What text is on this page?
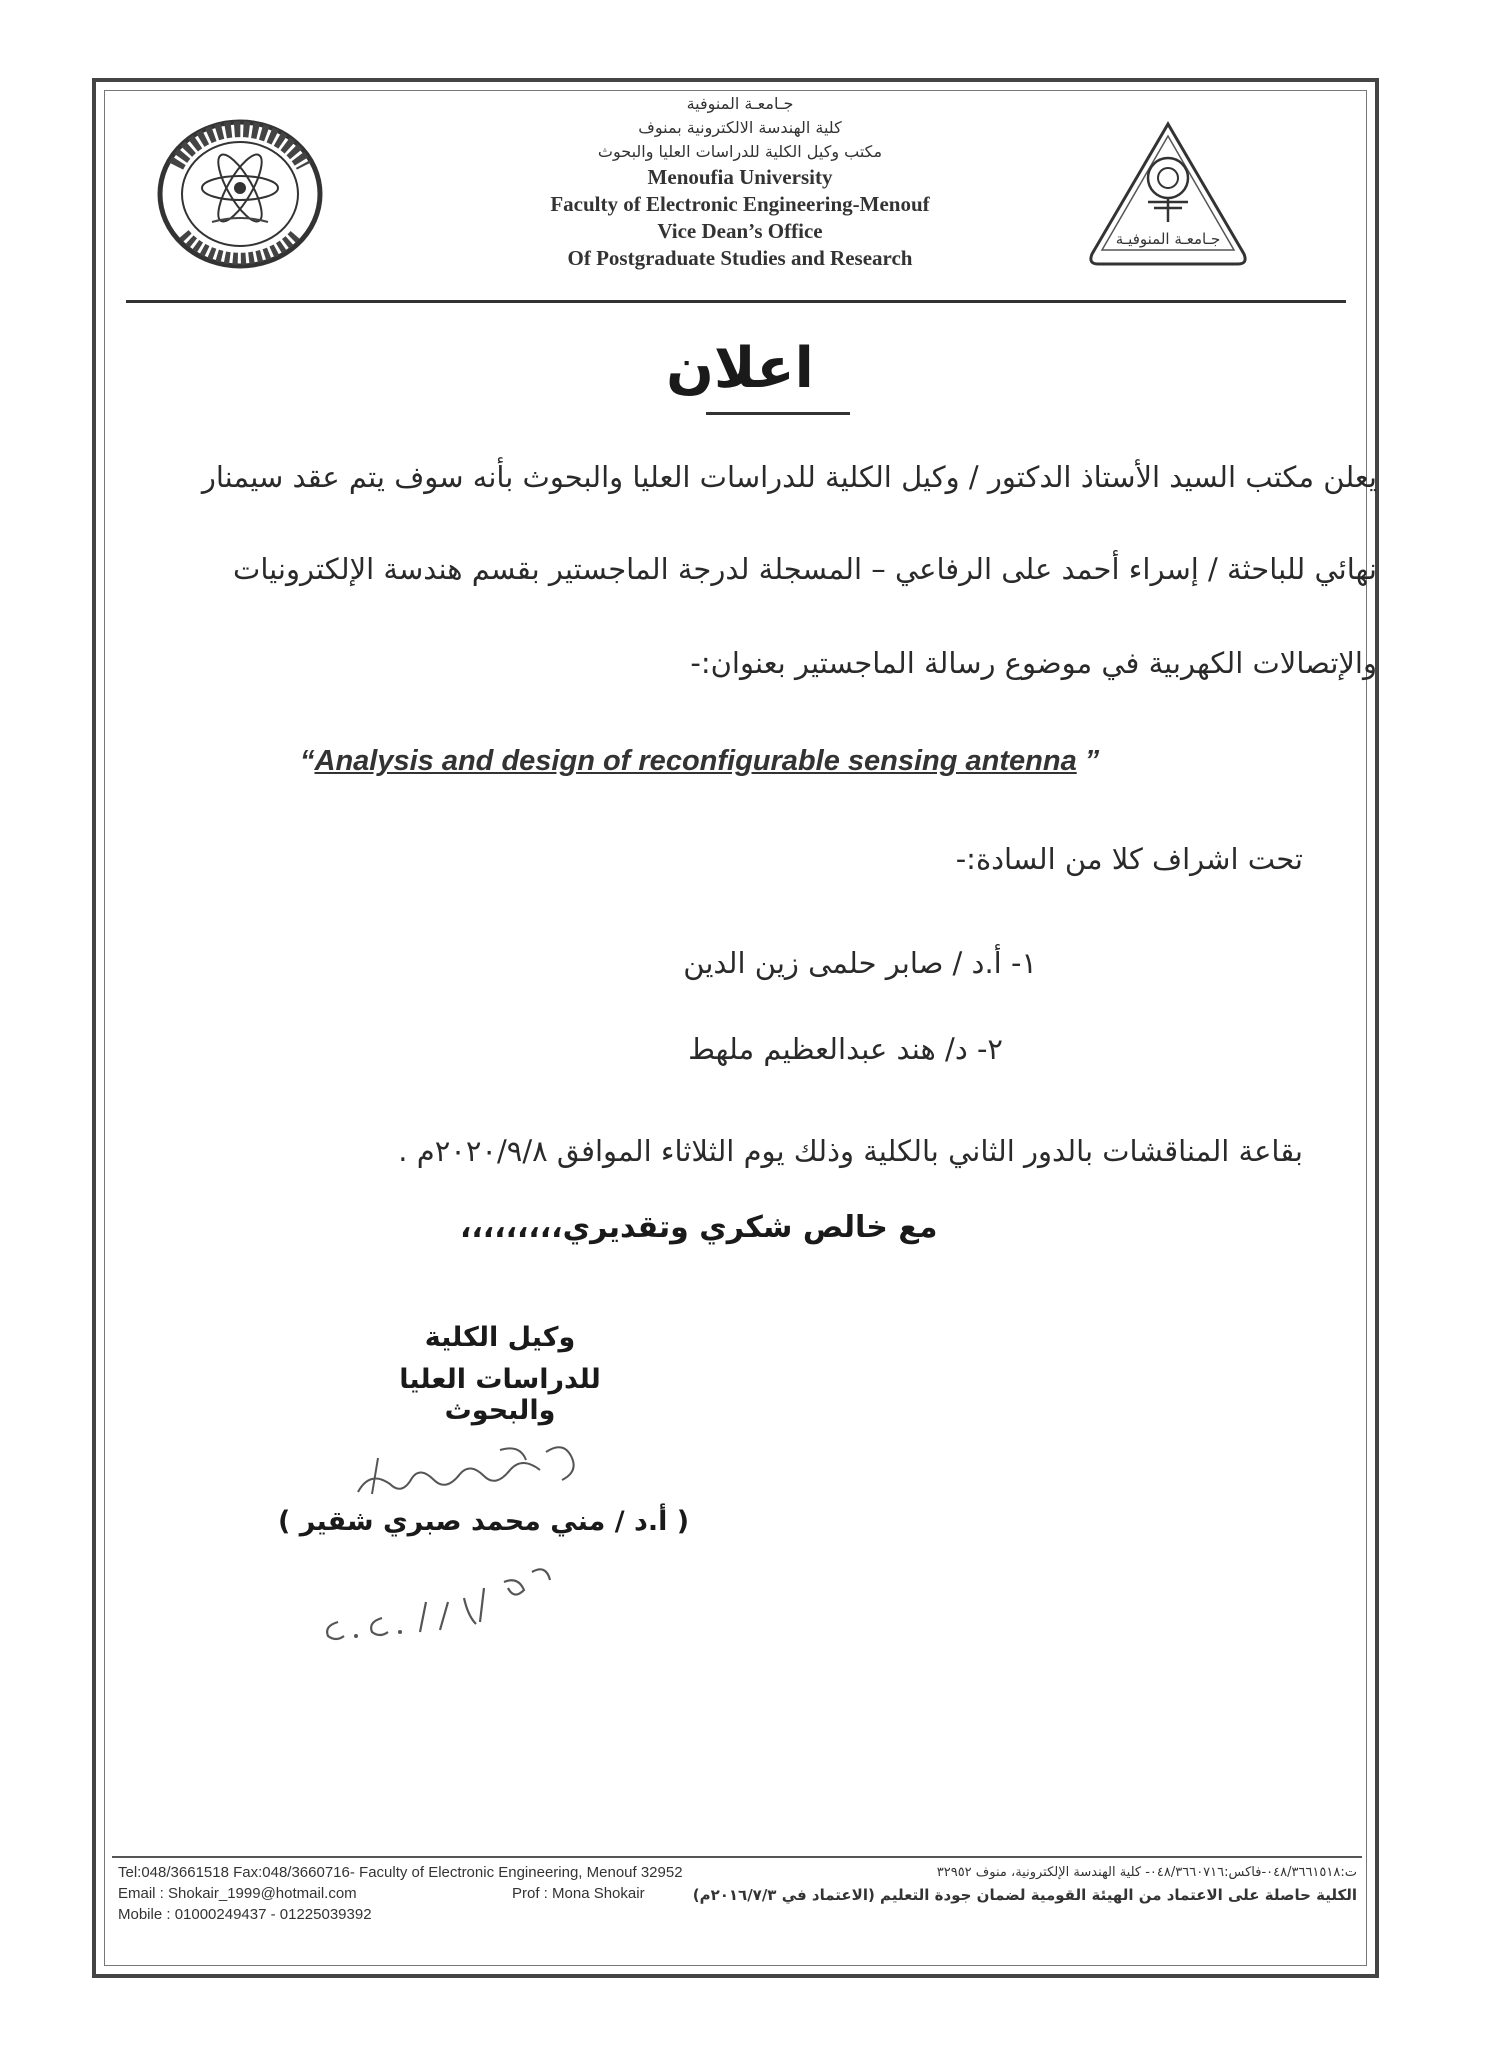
جـامعـة المنوفية
كلية الهندسة الالكترونية بمنوف
مكتب وكيل الكلية للدراسات العليا والبحوث
Menoufia University
Faculty of Electronic Engineering-Menouf
Vice Dean’s Office
Of Postgraduate Studies and Research
جـامعـة المنوفيـة
اعلان
يعلن مكتب السيد الأستاذ الدكتور / وكيل الكلية للدراسات العليا والبحوث بأنه سوف يتم عقد سيمنار
نهائي للباحثة / إسراء أحمد على الرفاعي – المسجلة لدرجة الماجستير بقسم هندسة الإلكترونيات
والإتصالات الكهربية في موضوع رسالة الماجستير بعنوان:-
“Analysis and design of reconfigurable sensing antenna ”
تحت اشراف كلا من السادة:-
١- أ.د / صابر حلمى زين الدين
٢- د/ هند عبدالعظيم ملهط
بقاعة المناقشات بالدور الثاني بالكلية وذلك يوم الثلاثاء الموافق ٢٠٢٠/٩/٨م .
مع خالص شكري وتقديري،،،،،،،،،
وكيل الكلية
للدراسات العليا والبحوث
( أ.د / مني محمد صبري شقير )
Tel:048/3661518 Fax:048/3660716- Faculty of Electronic Engineering, Menouf 32952
Email : Shokair_1999@hotmail.com	Prof : Mona Shokair
Mobile : 01000249437 - 01225039392
ت:٠٤٨/٣٦٦١٥١٨-فاكس:٠٤٨/٣٦٦٠٧١٦- كلية الهندسة الإلكترونية، منوف ٣٢٩٥٢
الكلية حاصلة على الاعتماد من الهيئة القومية لضمان جودة التعليم (الاعتماد في ٢٠١٦/٧/٣م)
